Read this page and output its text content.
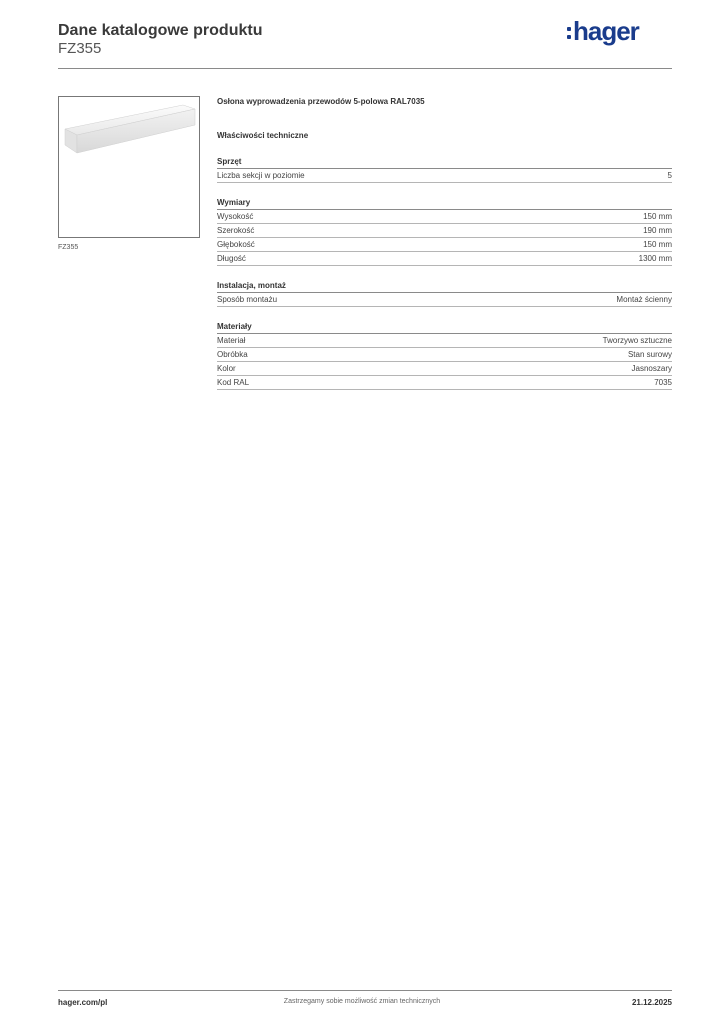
Dane katalogowe produktu
FZ355
hager
FZ355
Osłona wyprowadzenia przewodów 5-polowa RAL7035
Właściwości techniczne
Sprzęt
Liczba sekcji w poziomie	5
Wymiary
Wysokość	150 mm
Szerokość	190 mm
Głębokość	150 mm
Długość	1300 mm
Instalacja, montaż
Sposób montażu	Montaż ścienny
Materiały
Materiał	Tworzywo sztuczne
Obróbka	Stan surowy
Kolor	Jasnoszary
Kod RAL	7035
hager.com/pl	Zastrzegamy sobie możliwość zmian technicznych	21.12.2025
